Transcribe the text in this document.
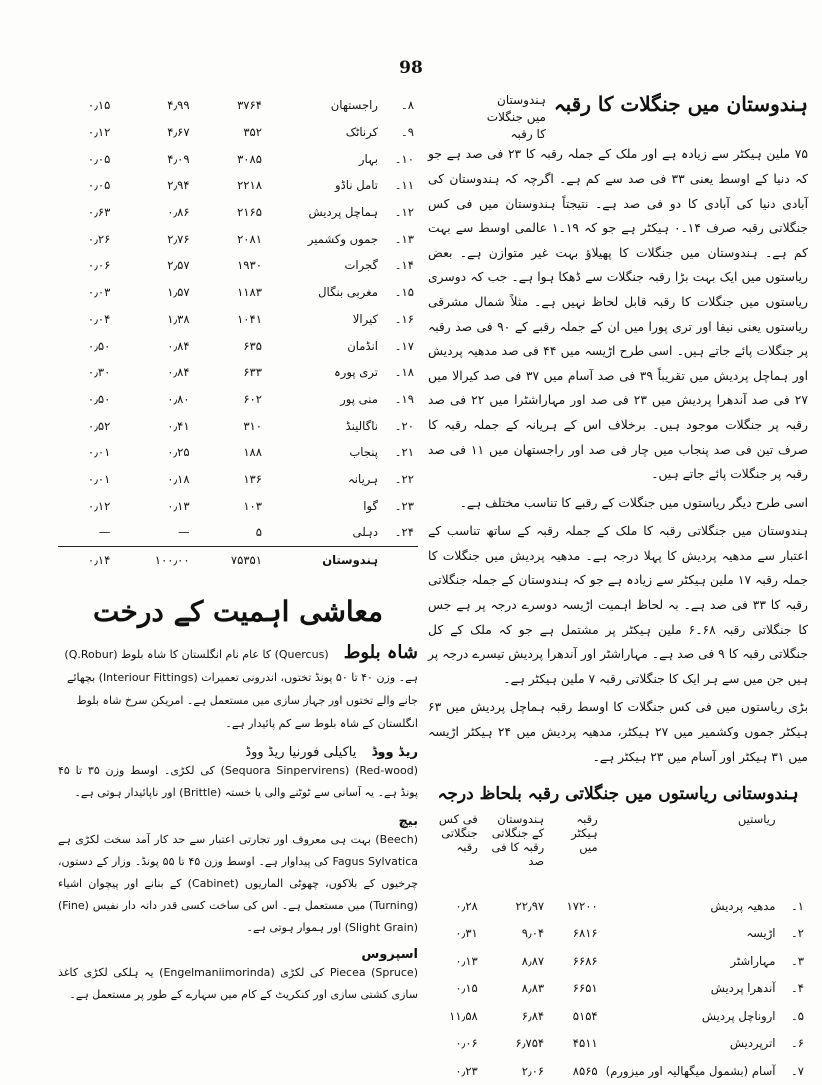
98
ہندوستان میں جنگلات کا رقبہ
ہندوستان میں جنگلات کا رقبہ

۷۵ ملین ہیکٹر سے زیادہ ہے اور ملک کے جملہ رقبہ کا ۲۳ فی صد ہے جو کہ دنیا کے اوسط یعنی ۳۳ فی صد سے کم ہے۔ اگرچہ کہ ہندوستان کی آبادی دنیا کی آبادی کا دو فی صد ہے۔ نتیجتاً ہندوستان میں فی کس جنگلاتی رقبہ صرف ۱۴۔۰ ہیکٹر ہے جو کہ ۱۹۔۱ عالمی اوسط سے بہت کم ہے۔ ہندوستان میں جنگلات کا پھیلاؤ بہت غیر متوازن ہے۔ بعض ریاستوں میں ایک بہت بڑا رقبہ جنگلات سے ڈھکا ہوا ہے۔ جب کہ دوسری ریاستوں میں جنگلات کا رقبہ قابل لحاظ نہیں ہے۔ مثلاً شمال مشرقی ریاستوں یعنی نیفا اور تری پورا میں ان کے جملہ رقبے کے ۹۰ فی صد رقبہ پر جنگلات پائے جاتے ہیں۔ اسی طرح اڑیسہ میں ۴۴ فی صد مدھیہ پردیش اور ہماچل پردیش میں تقریباً ۳۹ فی صد آسام میں ۳۷ فی صد کیرالا میں ۲۷ فی صد آندھرا پردیش میں ۲۳ فی صد اور مہاراشٹرا میں ۲۲ فی صد رقبہ پر جنگلات موجود ہیں۔ برخلاف اس کے ہریانہ کے جملہ رقبہ کا صرف تین فی صد پنجاب میں چار فی صد اور راجستھان میں ۱۱ فی صد رقبہ پر جنگلات پائے جاتے ہیں۔

اسی طرح دیگر ریاستوں میں جنگلات کے رقبے کا تناسب مختلف ہے۔

ہندوستان میں جنگلاتی رقبہ کا ملک کے جملہ رقبہ کے ساتھ تناسب کے اعتبار سے مدھیہ پردیش کا پہلا درجہ ہے۔ مدھیہ پردیش میں جنگلات کا جملہ رقبہ ۱۷ ملین ہیکٹر سے زیادہ ہے جو کہ ہندوستان کے جملہ جنگلاتی رقبہ کا ۳۳ فی صد ہے۔ بہ لحاظ اہمیت اڑیسہ دوسرے درجہ پر ہے جس کا جنگلاتی رقبہ ۶۸۔۶ ملین ہیکٹر پر مشتمل ہے جو کہ ملک کے کل جنگلاتی رقبہ کا ۹ فی صد ہے۔ مہاراشٹر اور آندھرا پردیش تیسرے درجہ پر ہیں جن میں سے ہر ایک کا جنگلاتی رقبہ ۷ ملین ہیکٹر ہے۔

بڑی ریاستوں میں فی کس جنگلات کا اوسط رقبہ ہماچل پردیش میں ۶۳ ہیکٹر جموں وکشمیر میں ۲۷ ہیکٹر، مدھیہ پردیش میں ۲۴ ہیکٹر اڑیسہ میں ۳۱ ہیکٹر اور آسام میں ۲۳ ہیکٹر ہے۔

ہندوستانی ریاستوں میں جنگلاتی رقبہ بلحاظ درجہ
	ریاستیں	رقبہ ہیکٹر میں	ہندوستان کے جنگلاتی رقبہ کا فی صد	فی کس جنگلاتی رقبہ
۱۔	مدھیہ پردیش	۱۷۲۰۰	۲۲٫۹۷	۰٫۲۸
۲۔	اڑیسہ	۶۸۱۶	۹٫۰۴	۰٫۳۱
۳۔	مہاراشٹر	۶۶۸۶	۸٫۸۷	۰٫۱۳
۴۔	آندھرا پردیش	۶۶۵۱	۸٫۸۳	۰٫۱۵
۵۔	اروناچل پردیش	۵۱۵۴	۶٫۸۴	۱۱٫۵۸
۶۔	اترپردیش	۴۵۱۱	۶٫۷۵۴	۰٫۰۶
۷۔	آسام (بشمول میگھالیہ اور میزورم)	۸۵۶۵	۲٫۰۶	۰٫۲۳
۸۔	راجستھان	۳۷۶۴	۴٫۹۹	۰٫۱۵
۹۔	کرناٹک	۳۵۲	۴٫۶۷	۰٫۱۲
۱۰۔	بہار	۳۰۸۵	۴٫۰۹	۰٫۰۵
۱۱۔	تامل ناڈو	۲۲۱۸	۲٫۹۴	۰٫۰۵
۱۲۔	ہماچل پردیش	۲۱۶۵	۰٫۸۶	۰٫۶۳
۱۳۔	جموں وکشمیر	۲۰۸۱	۲٫۷۶	۰٫۲۶
۱۴۔	گجرات	۱۹۳۰	۲٫۵۷	۰٫۰۶
۱۵۔	مغربی بنگال	۱۱۸۳	۱٫۵۷	۰٫۰۳
۱۶۔	کیرالا	۱۰۴۱	۱٫۳۸	۰٫۰۴
۱۷۔	انڈمان	۶۳۵	۰٫۸۴	۰٫۵۰
۱۸۔	تری پورہ	۶۳۳	۰٫۸۴	۰٫۳۰
۱۹۔	منی پور	۶۰۲	۰٫۸۰	۰٫۵۰
۲۰۔	ناگالینڈ	۳۱۰	۰٫۴۱	۰٫۵۲
۲۱۔	پنجاب	۱۸۸	۰٫۲۵	۰٫۰۱
۲۲۔	ہریانہ	۱۳۶	۰٫۱۸	۰٫۰۱
۲۳۔	گوا	۱۰۳	۰٫۱۳	۰٫۱۲
۲۴۔	دہلی	۵	—	—
	ہندوستان	۷۵۳۵۱	۱۰۰٫۰۰	۰٫۱۴
معاشی اہمیت کے درخت
شاہ بلوط

(Quercus) کا عام نام انگلستان کا شاہ بلوط (Q.Robur) ہے۔ وزن ۴۰ تا ۵۰ پونڈ تختوں، اندرونی تعمیرات (Interiour Fittings) بچھائے جانے والے تختوں اور جہاز سازی میں مستعمل ہے۔ امریکن سرخ شاہ بلوط انگلستان کے شاہ بلوط سے کم پائیدار ہے۔

ریڈ ووڈ   یاکیلی فورنیا ریڈ ووڈ

(Red-wood) (Sequora Sinpervirens) کی لکڑی۔ اوسط وزن ۳۵ تا ۴۵ پونڈ ہے۔ یہ آسانی سے ٹوٹنے والی یا خستہ (Brittle) اور ناپائیدار ہوتی ہے۔

بیچ

(Beech) بہت ہی معروف اور تجارتی اعتبار سے حد کار آمد سخت لکڑی ہے Fagus Sylvatica کی پیداوار ہے۔ اوسط وزن ۴۵ تا ۵۵ پونڈ۔ وزار کے دستوں، چرخیوں کے بلاکوں، چھوٹی الماریوں (Cabinet) کے بنانے اور پیچوان اشیاء (Turning) میں مستعمل ہے۔ اس کی ساخت کسی قدر دانہ دار نفیس (Fine) (Slight Grain) اور ہموار ہوتی ہے۔

اسپروس

(Spruce) Piecea کی لکڑی (Engelmaniimorinda) یہ ہلکی لکڑی کاغذ سازی کشتی سازی اور کنکریٹ کے کام میں سہارے کے طور پر مستعمل ہے۔
